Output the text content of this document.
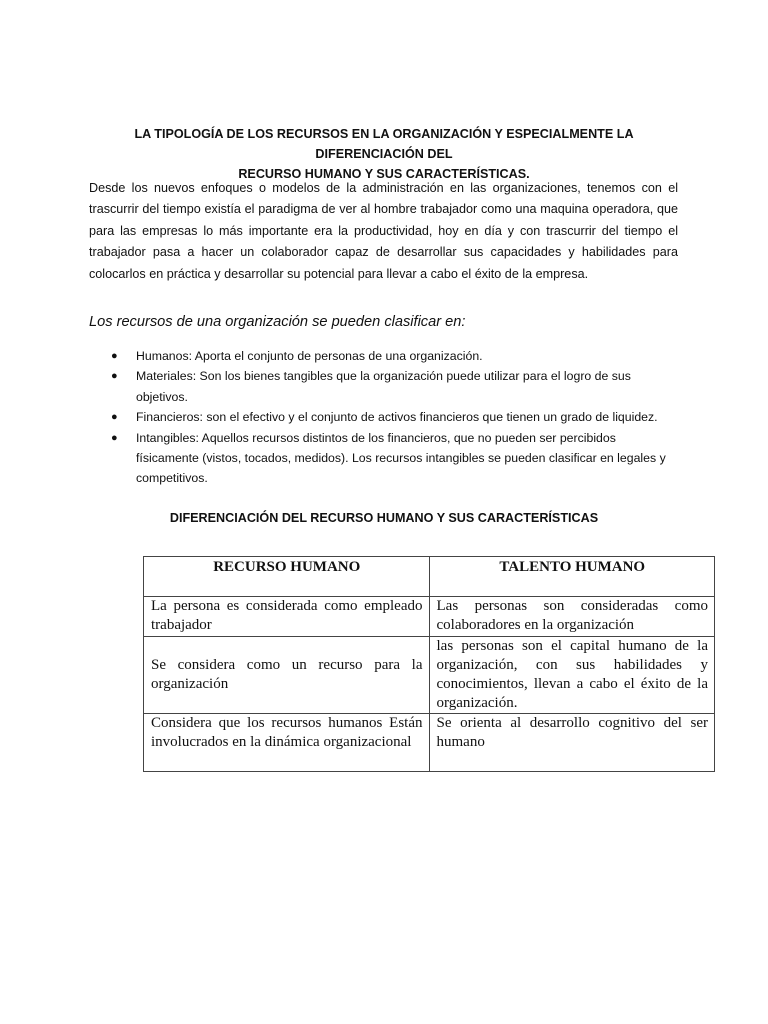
LA TIPOLOGÍA DE LOS RECURSOS EN LA ORGANIZACIÓN Y ESPECIALMENTE LA DIFERENCIACIÓN DEL
RECURSO HUMANO Y SUS CARACTERÍSTICAS.

Desde los nuevos enfoques o modelos de la administración en las organizaciones, tenemos con el trascurrir del tiempo existía el paradigma de ver al hombre trabajador como una maquina operadora, que para las empresas lo más importante era la productividad, hoy en día y con trascurrir del tiempo el trabajador pasa a hacer un colaborador capaz de desarrollar sus capacidades y habilidades para colocarlos en práctica y desarrollar su potencial para llevar a cabo el éxito de la empresa.

Los recursos de una organización se pueden clasificar en:

● Humanos: Aporta el conjunto de personas de una organización.
● Materiales: Son los bienes tangibles que la organización puede utilizar para el logro de sus objetivos.
● Financieros: son el efectivo y el conjunto de activos financieros que tienen un grado de liquidez.
● Intangibles: Aquellos recursos distintos de los financieros, que no pueden ser percibidos físicamente (vistos, tocados, medidos). Los recursos intangibles se pueden clasificar en legales y competitivos.
DIFERENCIACIÓN DEL RECURSO HUMANO Y SUS CARACTERÍSTICAS
RECURSO HUMANO	TALENTO HUMANO
La persona es considerada como empleado trabajador	Las personas son consideradas como colaboradores en la organización
Se considera como un recurso para la organización	las personas son el capital humano de la organización, con sus habilidades y conocimientos, llevan a cabo el éxito de la organización.
Considera que los recursos humanos Están involucrados en la dinámica organizacional	Se orienta al desarrollo cognitivo del ser humano
